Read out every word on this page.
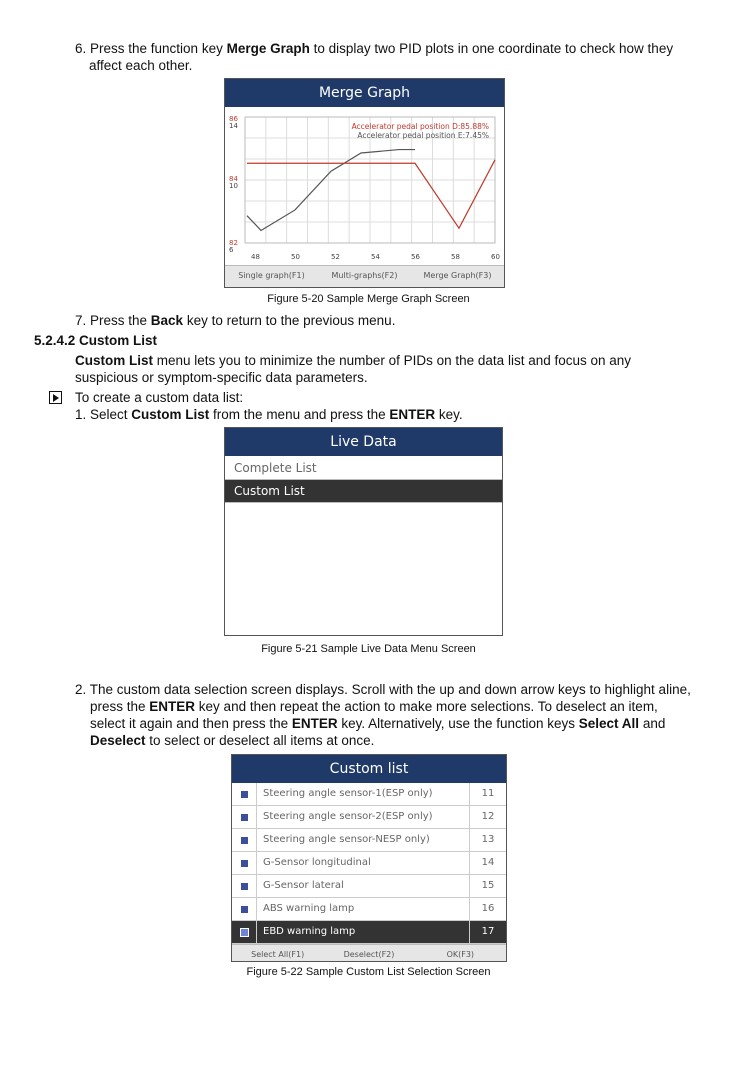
6. Press the function key Merge Graph to display two PID plots in one coordinate to check how they
affect each other.
Merge Graph
86
14
84
10
82
6
48	50	52	54	56	58	60
Accelerator pedal position D:85.88%
Accelerator pedal position E:7.45%
Single graph(F1)	Multi-graphs(F2)	Merge Graph(F3)
Figure 5-20 Sample Merge Graph Screen
7. Press the Back key to return to the previous menu.
5.2.4.2 Custom List
Custom List menu lets you to minimize the number of PIDs on the data list and focus on any
suspicious or symptom-specific data parameters.
To create a custom data list:
1. Select Custom List from the menu and press the ENTER key.
Live Data
Complete List
Custom List
Figure 5-21 Sample Live Data Menu Screen
2. The custom data selection screen displays. Scroll with the up and down arrow keys to highlight aline,
press the ENTER key and then repeat the action to make more selections. To deselect an item,
select it again and then press the ENTER key. Alternatively, use the function keys Select All and
Deselect to select or deselect all items at once.
Custom list
Steering angle sensor-1(ESP only)	11
Steering angle sensor-2(ESP only)	12
Steering angle sensor-NESP only)	13
G-Sensor longitudinal	14
G-Sensor lateral	15
ABS warning lamp	16
EBD warning lamp	17
Select All(F1)	Deselect(F2)	OK(F3)
Figure 5-22 Sample Custom List Selection Screen
